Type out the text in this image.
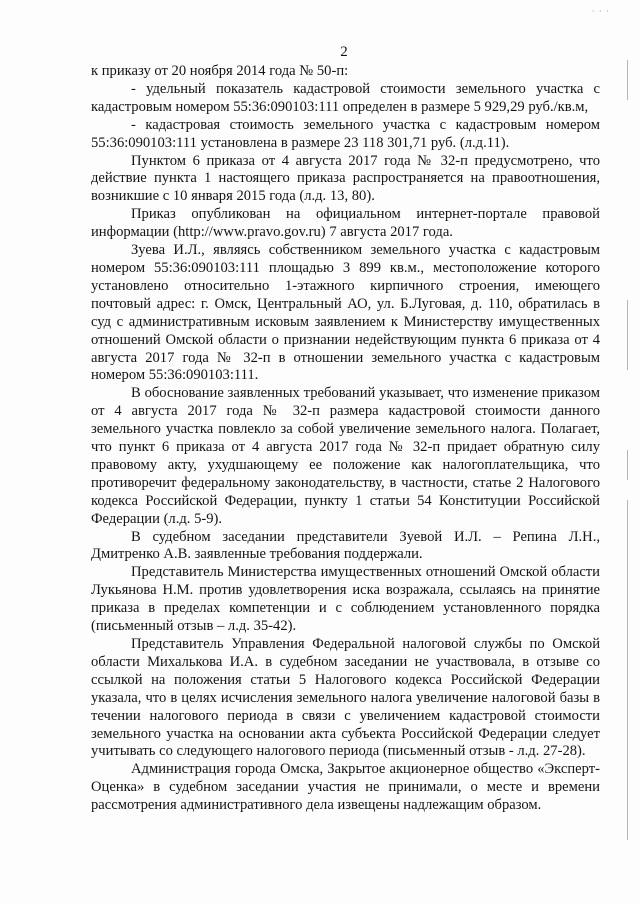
· · ·
2

к приказу от 20 ноября 2014 года № 50-п:

- удельный показатель кадастровой стоимости земельного участка с кадастровым номером 55:36:090103:111 определен в размере 5 929,29 руб./кв.м,

- кадастровая стоимость земельного участка с кадастровым номером 55:36:090103:111 установлена в размере 23 118 301,71 руб. (л.д.11).

Пунктом 6 приказа от 4 августа 2017 года № 32-п предусмотрено, что действие пункта 1 настоящего приказа распространяется на правоотношения, возникшие с 10 января 2015 года (л.д. 13, 80).

Приказ опубликован на официальном интернет-портале правовой информации (http://www.pravo.gov.ru) 7 августа 2017 года.

Зуева И.Л., являясь собственником земельного участка с кадастровым номером 55:36:090103:111 площадью 3 899 кв.м., местоположение которого установлено относительно 1-этажного кирпичного строения, имеющего почтовый адрес: г. Омск, Центральный АО, ул. Б.Луговая, д. 110, обратилась в суд с административным исковым заявлением к Министерству имущественных отношений Омской области о признании недействующим пункта 6 приказа от 4 августа 2017 года № 32-п в отношении земельного участка с кадастровым номером 55:36:090103:111.

В обоснование заявленных требований указывает, что изменение приказом от 4 августа 2017 года № 32-п размера кадастровой стоимости данного земельного участка повлекло за собой увеличение земельного налога. Полагает, что пункт 6 приказа от 4 августа 2017 года № 32-п придает обратную силу правовому акту, ухудшающему ее положение как налогоплательщика, что противоречит федеральному законодательству, в частности, статье 2 Налогового кодекса Российской Федерации, пункту 1 статьи 54 Конституции Российской Федерации (л.д. 5-9).

В судебном заседании представители Зуевой И.Л. – Репина Л.Н., Дмитренко А.В. заявленные требования поддержали.

Представитель Министерства имущественных отношений Омской области Лукьянова Н.М. против удовлетворения иска возражала, ссылаясь на принятие приказа в пределах компетенции и с соблюдением установленного порядка (письменный отзыв – л.д. 35-42).

Представитель Управления Федеральной налоговой службы по Омской области Михалькова И.А. в судебном заседании не участвовала, в отзыве со ссылкой на положения статьи 5 Налогового кодекса Российской Федерации указала, что в целях исчисления земельного налога увеличение налоговой базы в течении налогового периода в связи с увеличением кадастровой стоимости земельного участка на основании акта субъекта Российской Федерации следует учитывать со следующего налогового периода (письменный отзыв - л.д. 27-28).

Администрация города Омска, Закрытое акционерное общество «Эксперт-Оценка» в судебном заседании участия не принимали, о месте и времени рассмотрения административного дела извещены надлежащим образом.
